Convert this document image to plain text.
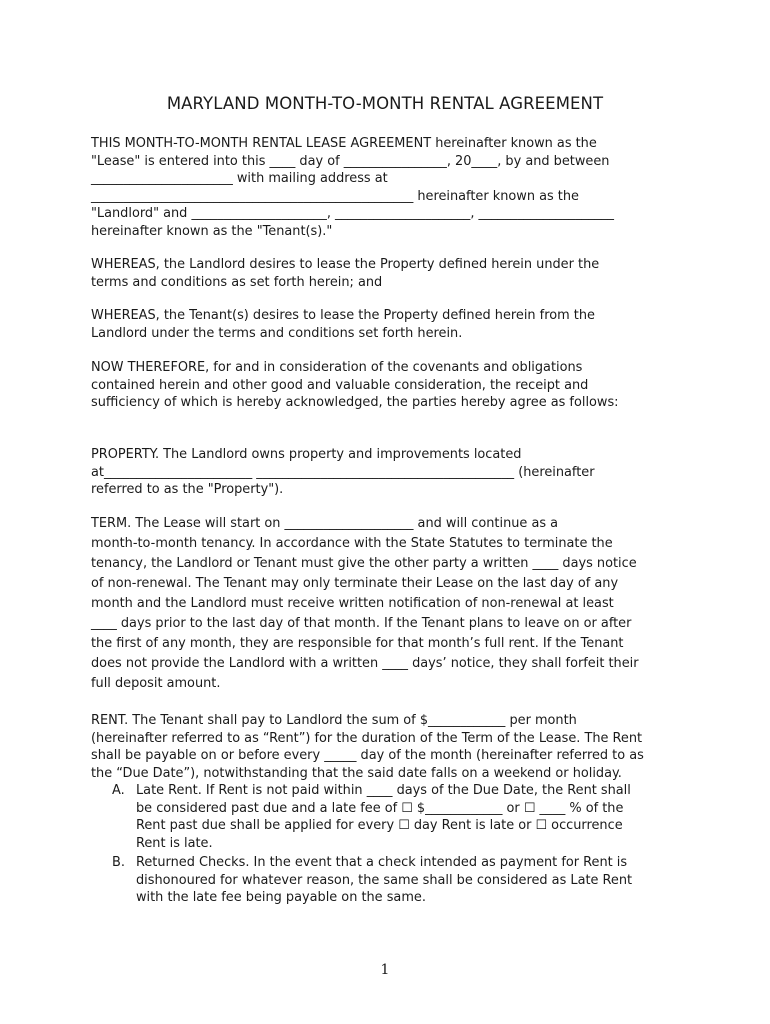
MARYLAND MONTH-TO-MONTH RENTAL AGREEMENT
THIS MONTH-TO-MONTH RENTAL LEASE AGREEMENT hereinafter known as the
"Lease" is entered into this ____ day of ________________, 20____, by and between
______________________ with mailing address at
__________________________________________________ hereinafter known as the
"Landlord" and _____________________, _____________________, _____________________
hereinafter known as the "Tenant(s)."
WHEREAS, the Landlord desires to lease the Property defined herein under the
terms and conditions as set forth herein; and
WHEREAS, the Tenant(s) desires to lease the Property defined herein from the
Landlord under the terms and conditions set forth herein.
NOW THEREFORE, for and in consideration of the covenants and obligations
contained herein and other good and valuable consideration, the receipt and
sufficiency of which is hereby acknowledged, the parties hereby agree as follows:
PROPERTY. The Landlord owns property and improvements located
at_______________________ ________________________________________ (hereinafter
referred to as the "Property").
TERM. The Lease will start on ____________________ and will continue as a
month-to-month tenancy. In accordance with the State Statutes to terminate the
tenancy, the Landlord or Tenant must give the other party a written ____ days notice
of non-renewal. The Tenant may only terminate their Lease on the last day of any
month and the Landlord must receive written notification of non-renewal at least
____ days prior to the last day of that month. If the Tenant plans to leave on or after
the first of any month, they are responsible for that month’s full rent. If the Tenant
does not provide the Landlord with a written ____ days’ notice, they shall forfeit their
full deposit amount.
RENT. The Tenant shall pay to Landlord the sum of $____________ per month
(hereinafter referred to as “Rent”) for the duration of the Term of the Lease. The Rent
shall be payable on or before every _____ day of the month (hereinafter referred to as
the “Due Date”), notwithstanding that the said date falls on a weekend or holiday.
A. Late Rent. If Rent is not paid within ____ days of the Due Date, the Rent shall
be considered past due and a late fee of ☐ $____________ or ☐ ____ % of the
Rent past due shall be applied for every ☐ day Rent is late or ☐ occurrence
Rent is late.
B. Returned Checks. In the event that a check intended as payment for Rent is
dishonoured for whatever reason, the same shall be considered as Late Rent
with the late fee being payable on the same.
1
